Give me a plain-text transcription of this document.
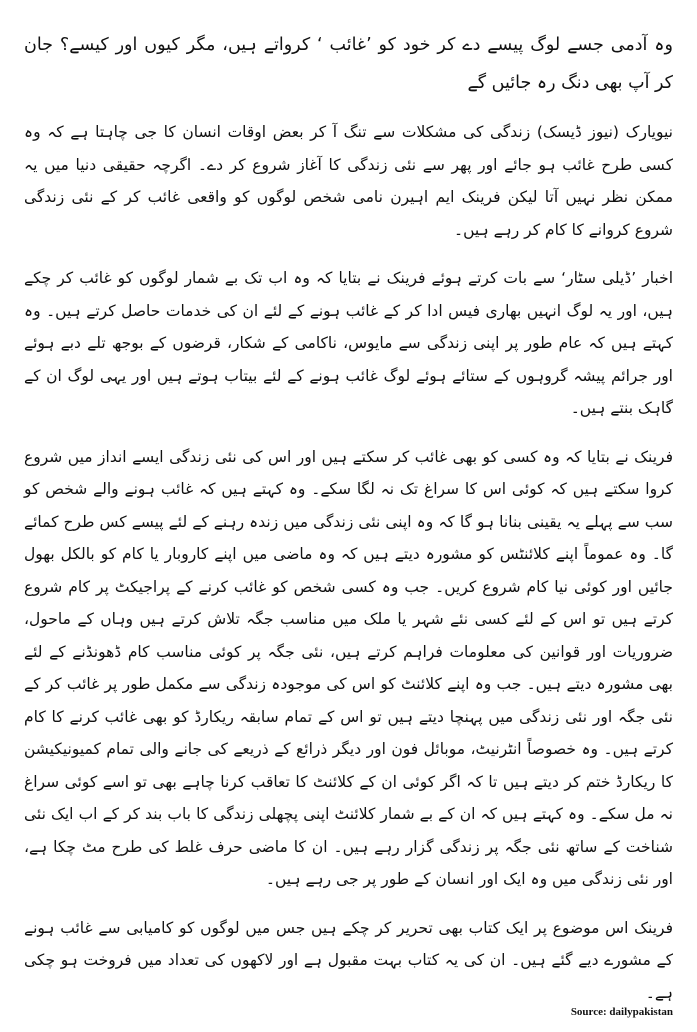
وہ آدمی جسے لوگ پیسے دے کر خود کو ’غائب ‘ کرواتے ہیں، مگر کیوں اور کیسے؟ جان کر آپ بھی دنگ رہ جائیں گے

نیویارک (نیوز ڈیسک) زندگی کی مشکلات سے تنگ آ کر بعض اوقات انسان کا جی چاہتا ہے کہ وہ کسی طرح غائب ہو جائے اور پھر سے نئی زندگی کا آغاز شروع کر دے۔ اگرچہ حقیقی دنیا میں یہ ممکن نظر نہیں آتا لیکن فرینک ایم اہیرن نامی شخص لوگوں کو واقعی غائب کر کے نئی زندگی شروع کروانے کا کام کر رہے ہیں۔

اخبار ’ڈیلی سٹار‘ سے بات کرتے ہوئے فرینک نے بتایا کہ وہ اب تک بے شمار لوگوں کو غائب کر چکے ہیں، اور یہ لوگ انہیں بھاری فیس ادا کر کے غائب ہونے کے لئے ان کی خدمات حاصل کرتے ہیں۔ وہ کہتے ہیں کہ عام طور پر اپنی زندگی سے مایوس، ناکامی کے شکار، قرضوں کے بوجھ تلے دبے ہوئے اور جرائم پیشہ گروہوں کے ستائے ہوئے لوگ غائب ہونے کے لئے بیتاب ہوتے ہیں اور یہی لوگ ان کے گاہک بنتے ہیں۔

فرینک نے بتایا کہ وہ کسی کو بھی غائب کر سکتے ہیں اور اس کی نئی زندگی ایسے انداز میں شروع کروا سکتے ہیں کہ کوئی اس کا سراغ تک نہ لگا سکے۔ وہ کہتے ہیں کہ غائب ہونے والے شخص کو سب سے پہلے یہ یقینی بنانا ہو گا کہ وہ اپنی نئی زندگی میں زندہ رہنے کے لئے پیسے کس طرح کمائے گا۔ وہ عموماً اپنے کلائنٹس کو مشورہ دیتے ہیں کہ وہ ماضی میں اپنے کاروبار یا کام کو بالکل بھول جائیں اور کوئی نیا کام شروع کریں۔ جب وہ کسی شخص کو غائب کرنے کے پراجیکٹ پر کام شروع کرتے ہیں تو اس کے لئے کسی نئے شہر یا ملک میں مناسب جگہ تلاش کرتے ہیں وہاں کے ماحول، ضروریات اور قوانین کی معلومات فراہم کرتے ہیں، نئی جگہ پر کوئی مناسب کام ڈھونڈنے کے لئے بھی مشورہ دیتے ہیں۔ جب وہ اپنے کلائنٹ کو اس کی موجودہ زندگی سے مکمل طور پر غائب کر کے نئی جگہ اور نئی زندگی میں پہنچا دیتے ہیں تو اس کے تمام سابقہ ریکارڈ کو بھی غائب کرنے کا کام کرتے ہیں۔ وہ خصوصاً انٹرنیٹ، موبائل فون اور دیگر ذرائع کے ذریعے کی جانے والی تمام کمیونیکیشن کا ریکارڈ ختم کر دیتے ہیں تا کہ اگر کوئی ان کے کلائنٹ کا تعاقب کرنا چاہے بھی تو اسے کوئی سراغ نہ مل سکے۔ وہ کہتے ہیں کہ ان کے بے شمار کلائنٹ اپنی پچھلی زندگی کا باب بند کر کے اب ایک نئی شناخت کے ساتھ نئی جگہ پر زندگی گزار رہے ہیں۔ ان کا ماضی حرف غلط کی طرح مٹ چکا ہے، اور نئی زندگی میں وہ ایک اور انسان کے طور پر جی رہے ہیں۔

فرینک اس موضوع پر ایک کتاب بھی تحریر کر چکے ہیں جس میں لوگوں کو کامیابی سے غائب ہونے کے مشورے دیے گئے ہیں۔ ان کی یہ کتاب بہت مقبول ہے اور لاکھوں کی تعداد میں فروخت ہو چکی ہے۔

Source: dailypakistan
